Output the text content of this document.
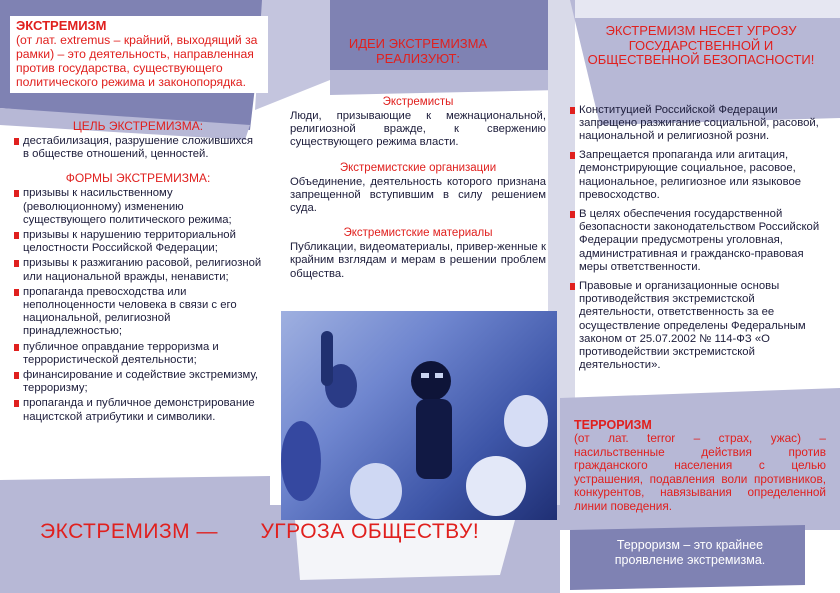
ЭКСТРЕМИЗМ
(от лат. extremus – крайний, выходящий за рамки) – это деятельность, направленная против государства, существующего политического режима и законопорядка.
ЦЕЛЬ ЭКСТРЕМИЗМА:

дестабилизация, разрушение сложившихся в обществе отношений, ценностей.

ФОРМЫ ЭКСТРЕМИЗМА:

призывы к насильственному (революционному) изменению существующего политического режима;

призывы к нарушению территориальной целостности Российской Федерации;

призывы к разжиганию расовой, религиозной или национальной вражды, ненависти;

пропаганда превосходства или неполноценности человека в связи с его национальной, религиозной принадлежностью;

публичное оправдание терроризма и террористической деятельности;

финансирование и содействие экстремизму, терроризму;

пропаганда и публичное демонстрирование нацистской атрибутики и символики.

ИДЕИ ЭКСТРЕМИЗМА РЕАЛИЗУЮТ:
Экстремисты
Люди, призывающие к межнациональной, религиозной вражде, к свержению существующего режима власти.
Экстремистские организации
Объединение, деятельность которого признана запрещенной вступившим в силу решением суда.
Экстремистские материалы
Публикации, видеоматериалы, привер-женные к крайним взглядам и мерам в решении проблем общества.
ЭКСТРЕМИЗМ НЕСЕТ УГРОЗУ ГОСУДАРСТВЕННОЙ И ОБЩЕСТВЕННОЙ БЕЗОПАСНОСТИ!

Конституцией Российской Федерации запрещено разжигание социальной, расовой, национальной и религиозной розни.

Запрещается пропаганда или агитация, демонстрирующие социальное, расовое, национальное, религиозное или языковое превосходство.

В целях обеспечения государственной безопасности законодательством Российской Федерации предусмотрены уголовная, административная и гражданско-правовая меры ответственности.

Правовые и организационные основы противодействия экстремистской деятельности, ответственность за ее осуществление определены Федеральным законом от 25.07.2002 № 114-ФЗ «О противодействии экстремистской деятельности».

ТЕРРОРИЗМ
(от лат. terror – страх, ужас) – насильственные действия против гражданского населения с целью устрашения, подавления воли противников, конкурентов, навязывания определенной линии поведения.
Терроризм – это крайнее проявление экстремизма.
ЭКСТРЕМИЗМ — УГРОЗА ОБЩЕСТВУ!
